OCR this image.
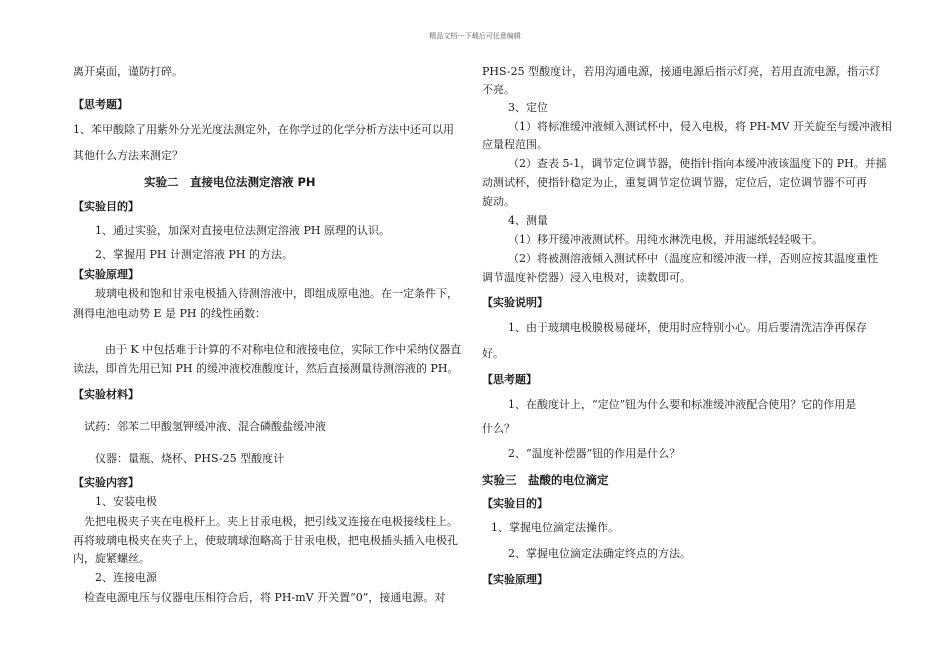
精品文档---下载后可任意编辑
离开桌面，谨防打碎。
【思考题】
1、苯甲酸除了用紫外分光光度法测定外，在你学过的化学分析方法中还可以用
其他什么方法来测定？
实验二　直接电位法测定溶液 PH
【实验目的】
1、通过实验，加深对直接电位法测定溶液 PH 原理的认识。
2、掌握用 PH 计测定溶液 PH 的方法。
【实验原理】
玻璃电极和饱和甘汞电极插入待测溶液中，即组成原电池。在一定条件下，
测得电池电动势 E 是 PH 的线性函数：
由于 K 中包括难于计算的不对称电位和液接电位，实际工作中采纳仪器直
读法，即首先用已知 PH 的缓冲液校准酸度计，然后直接测量待测溶液的 PH。
【实验材料】
试药：邻苯二甲酸氢钾缓冲液、混合磷酸盐缓冲液
仪器：量瓶、烧杯、PHS-25 型酸度计
【实验内容】
1、安装电极
先把电极夹子夹在电极杆上。夹上甘汞电极，把引线叉连接在电极接线柱上。
再将玻璃电极夹在夹子上，使玻璃球泡略高于甘汞电极，把电极插头插入电极孔
内，旋紧螺丝。
2、连接电源
检查电源电压与仪器电压相符合后，将 PH-mV 开关置“0”，接通电源。对
PHS-25 型酸度计，若用沟通电源，接通电源后指示灯亮，若用直流电源，指示灯
不亮。
3、定位
（1）将标准缓冲液倾入测试杯中，侵入电极，将 PH-MV 开关旋至与缓冲液相
应量程范围。
（2）查表 5-1，调节定位调节器，使指针指向本缓冲液该温度下的 PH。并摇
动测试杯，使指针稳定为止，重复调节定位调节器，定位后，定位调节器不可再
旋动。
4、测量
（1）移开缓冲液测试杯。用纯水淋洗电极，并用滤纸轻轻吸干。
（2）将被测溶液倾入测试杯中（温度应和缓冲液一样，否则应按其温度重性
调节温度补偿器）浸入电极对，读数即可。
【实验说明】
1、由于玻璃电极膜极易碰坏，使用时应特别小心。用后要清洗洁净再保存
好。
【思考题】
1、在酸度计上，“定位”钮为什么要和标准缓冲液配合使用？它的作用是
什么？
2、“温度补偿器”钮的作用是什么？
实验三　盐酸的电位滴定
【实验目的】
1、掌握电位滴定法操作。
2、掌握电位滴定法确定终点的方法。
【实验原理】
